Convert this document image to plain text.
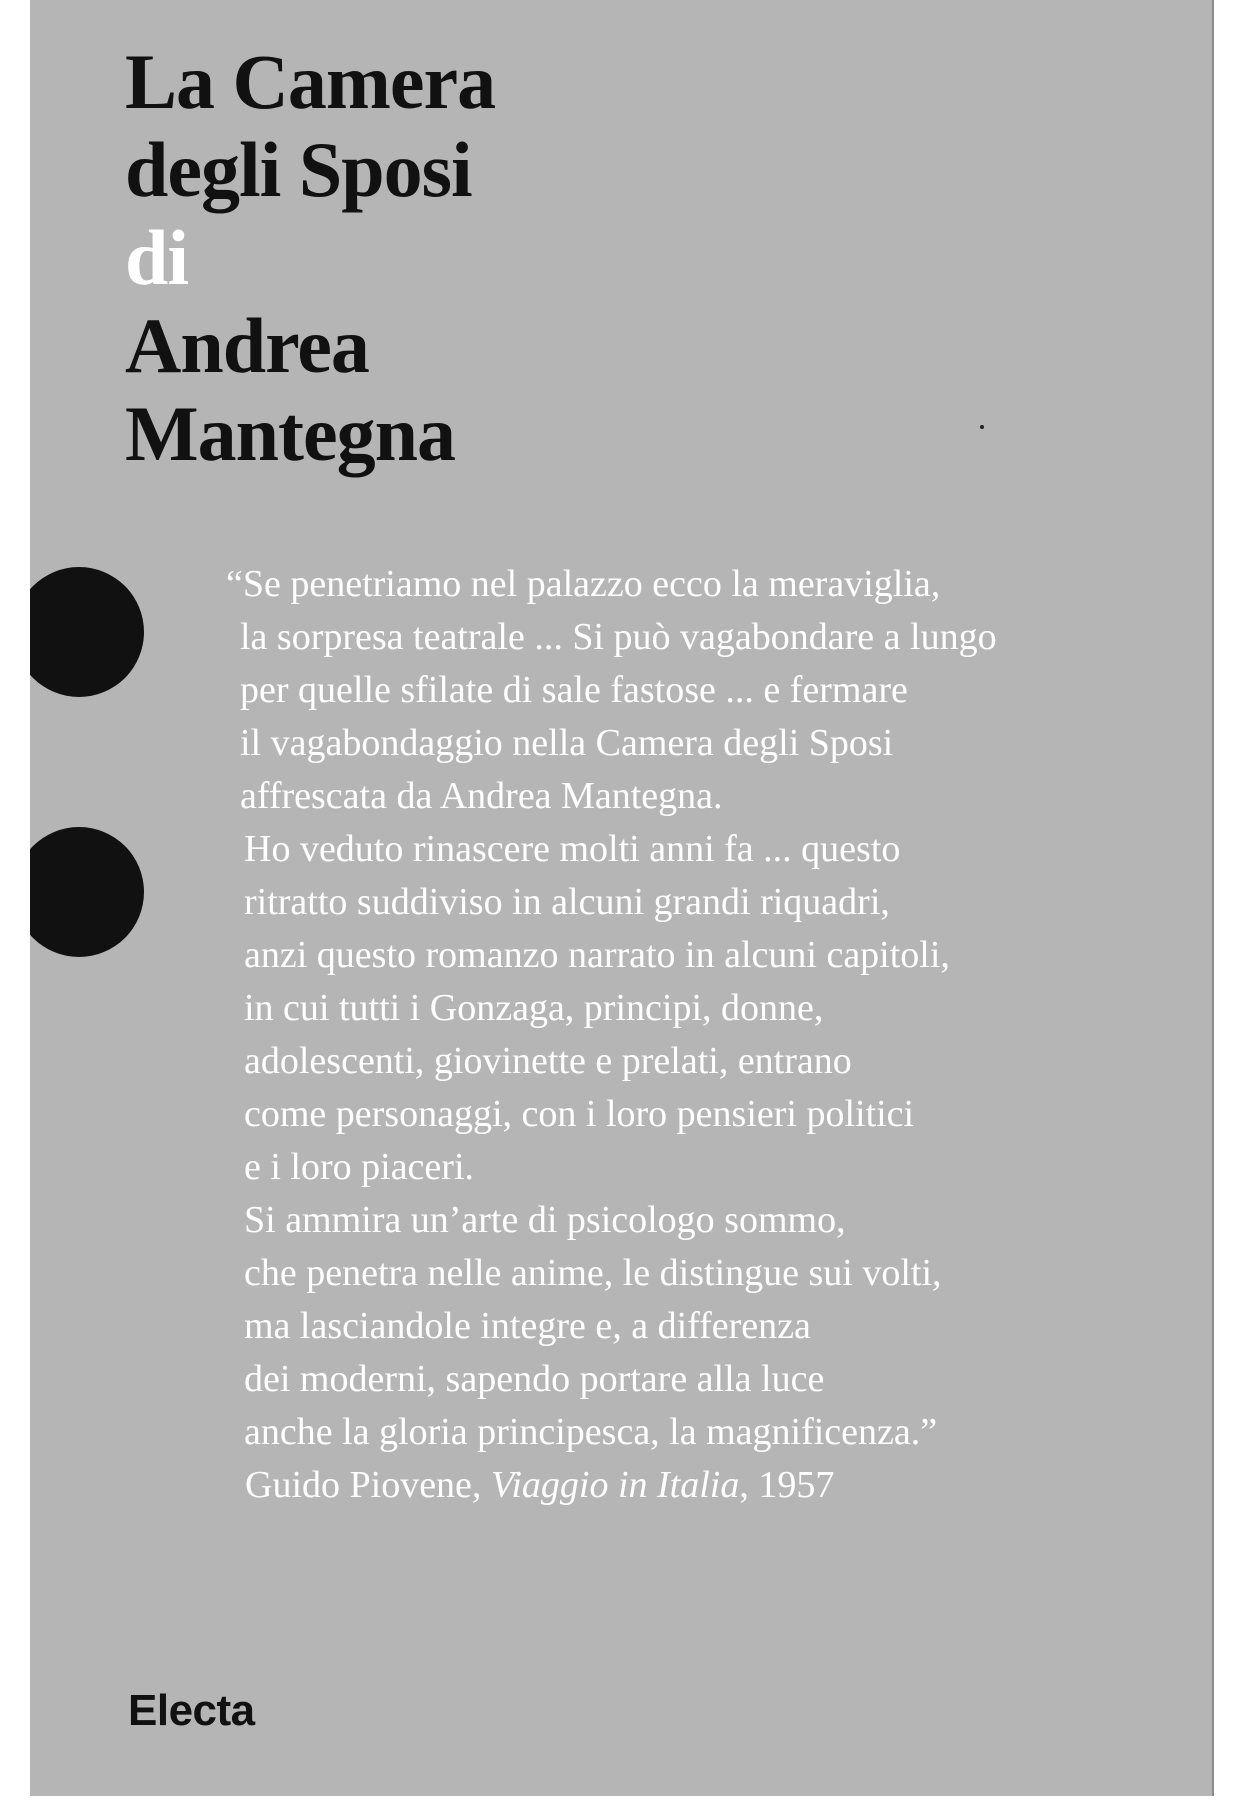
La Camera
degli Sposi
di
Andrea
Mantegna

“Se penetriamo nel palazzo ecco la meraviglia,
la sorpresa teatrale ... Si può vagabondare a lungo
per quelle sfilate di sale fastose ... e fermare
il vagabondaggio nella Camera degli Sposi
affrescata da Andrea Mantegna.
Ho veduto rinascere molti anni fa ... questo
ritratto suddiviso in alcuni grandi riquadri,
anzi questo romanzo narrato in alcuni capitoli,
in cui tutti i Gonzaga, principi, donne,
adolescenti, giovinette e prelati, entrano
come personaggi, con i loro pensieri politici
e i loro piaceri.
Si ammira un’arte di psicologo sommo,
che penetra nelle anime, le distingue sui volti,
ma lasciandole integre e, a differenza
dei moderni, sapendo portare alla luce
anche la gloria principesca, la magnificenza.”
Guido Piovene, Viaggio in Italia, 1957

Electa
